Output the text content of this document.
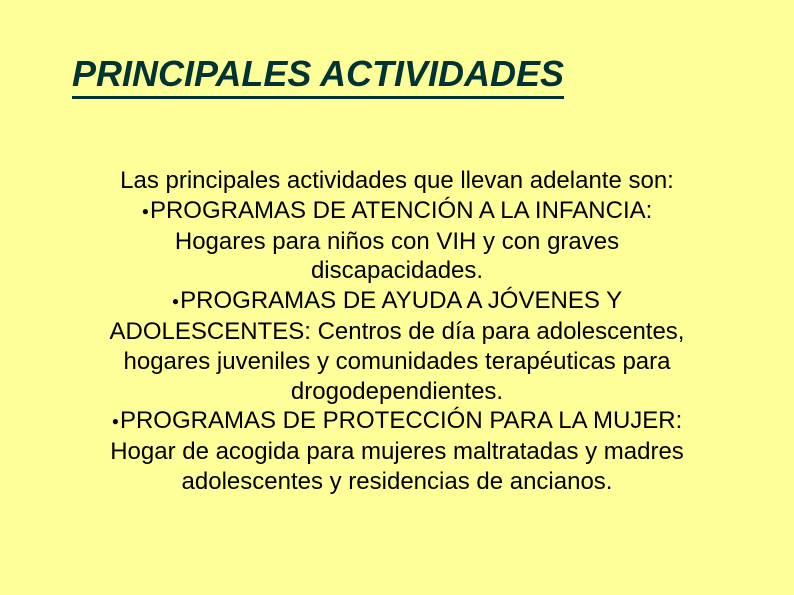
PRINCIPALES ACTIVIDADES
Las principales actividades que llevan adelante son:
●PROGRAMAS DE ATENCIÓN A LA INFANCIA:
Hogares para niños con VIH y con graves
discapacidades.
●PROGRAMAS DE AYUDA A JÓVENES Y
ADOLESCENTES: Centros de día para adolescentes,
hogares juveniles y comunidades terapéuticas para
drogodependientes.
●PROGRAMAS DE PROTECCIÓN PARA LA MUJER:
Hogar de acogida para mujeres maltratadas y madres
adolescentes y residencias de ancianos.
